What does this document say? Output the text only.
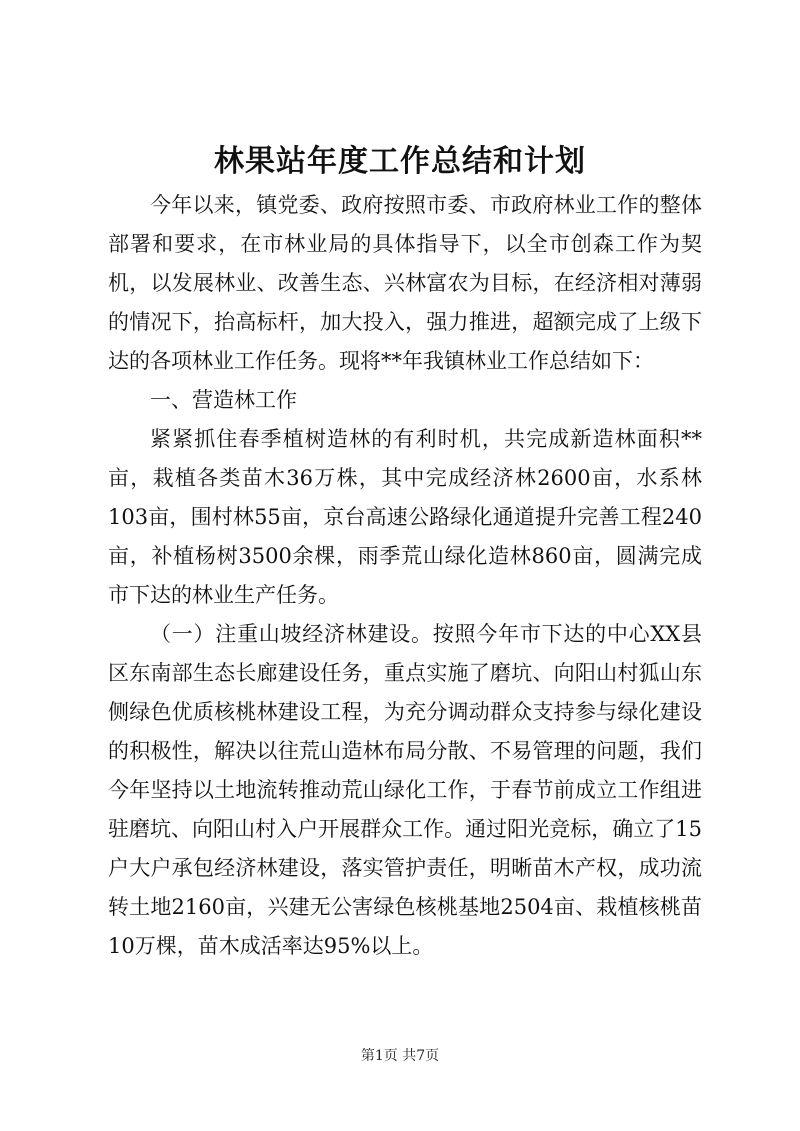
林果站年度工作总结和计划

今年以来，镇党委、政府按照市委、市政府林业工作的整体部署和要求，在市林业局的具体指导下，以全市创森工作为契机，以发展林业、改善生态、兴林富农为目标，在经济相对薄弱的情况下，抬高标杆，加大投入，强力推进，超额完成了上级下达的各项林业工作任务。现将**年我镇林业工作总结如下：

一、营造林工作

紧紧抓住春季植树造林的有利时机，共完成新造林面积**亩，栽植各类苗木36万株，其中完成经济林2600亩，水系林103亩，围村林55亩，京台高速公路绿化通道提升完善工程240亩，补植杨树3500余棵，雨季荒山绿化造林860亩，圆满完成市下达的林业生产任务。

（一）注重山坡经济林建设。按照今年市下达的中心XX县区东南部生态长廊建设任务，重点实施了磨坑、向阳山村狐山东侧绿色优质核桃林建设工程，为充分调动群众支持参与绿化建设的积极性，解决以往荒山造林布局分散、不易管理的问题，我们今年坚持以土地流转推动荒山绿化工作，于春节前成立工作组进驻磨坑、向阳山村入户开展群众工作。通过阳光竞标，确立了15户大户承包经济林建设，落实管护责任，明晰苗木产权，成功流转土地2160亩，兴建无公害绿色核桃基地2504亩、栽植核桃苗10万棵，苗木成活率达95%以上。

第1页 共7页
